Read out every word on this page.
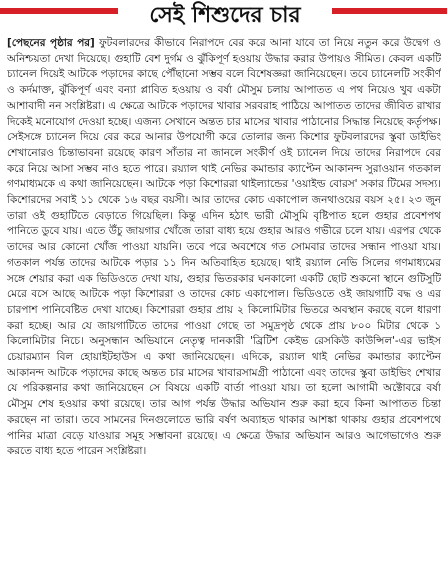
সেই শিশুদের চার

[পেছনের পৃষ্ঠার পর] ফুটবলারদের কীভাবে নিরাপদে বের করে আনা যাবে তা নিয়ে নতুন করে উদ্বেগ ও অনিশ্চয়তা দেখা দিয়েছে। গুহাটি বেশ দুর্গম ও ঝুঁকিপূর্ণ হওয়ায় উদ্ধার করার উপায়ও সীমিত। কেবল একটি চ্যানেল দিয়েই আটকে পড়াদের কাছে পৌঁছানো সম্ভব বলে বিশেষজ্ঞরা জানিয়েছেন। তবে চ্যানেলটি সংকীর্ণ ও কর্দমাক্ত, ঝুঁকিপূর্ণ এবং বন্যা প্লাবিত হওয়ায় ও বর্ষা মৌসুম চলায় আপাতত এ পথ নিয়েও খুব একটা আশাবাদী নন সংশ্লিষ্টরা। এ ক্ষেত্রে আটকে পড়াদের খাবার সরবরাহ পাঠিয়ে আপাতত তাদের জীবিত রাখার দিকেই মনোযোগ দেওয়া হচ্ছে। এজন্য সেখানে অন্তত চার মাসের খাবার পাঠানোর সিদ্ধান্ত নিয়েছে কর্তৃপক্ষ। সেইসঙ্গে চ্যানেল দিয়ে বের করে আনার উপযোগী করে তোলার জন্য কিশোর ফুটবলারদের স্কুবা ডাইভিং শেখানোরও চিন্তাভাবনা রয়েছে কারণ সাঁতার না জানলে সংকীর্ণ ওই চ্যানেল দিয়ে তাদের নিরাপদে বের করে নিয়ে আসা সম্ভব নাও হতে পারে। রয়্যাল থাই নেভির কমান্ডার ক্যাপ্টেন আকানন্দ সুরাওয়ান গতকাল গণমাধ্যমকে এ কথা জানিয়েছেন। আটকে পড়া কিশোররা থাইল্যান্ডের 'ওয়াইল্ড বোরস' সকার টিমের সদস্য। কিশোরদের সবাই ১১ থেকে ১৬ বছর বয়সী। আর তাদের কোচ একাপোল জনথাওয়ের বয়স ২৫। ২৩ জুন তারা ওই গুহাটিতে বেড়াতে গিয়েছিল। কিন্তু এদিন হঠাৎ ভারী মৌসুমি বৃষ্টিপাত হলে গুহার প্রবেশপথ পানিতে ডুবে যায়। এতে উঁচু জায়গার খোঁজে তারা বাধ্য হয়ে গুহার আরও গভীরে চলে যায়। এরপর থেকে তাদের আর কোনো খোঁজ পাওয়া যায়নি। তবে পরে অবশেষে গত সোমবার তাদের সন্ধান পাওয়া যায়। গতকাল পর্যন্ত তাদের আটকে পড়ার ১১ দিন অতিবাহিত হয়েছে। থাই রয়্যাল নেভি সিলের গণমাধ্যমের সঙ্গে শেয়ার করা এক ভিডিওতে দেখা যায়, গুহার ভিতরকার ঘনকালো একটি ছোট শুকনো স্থানে গুটিসুটি মেরে বসে আছে আটকে পড়া কিশোররা ও তাদের কোচ একাপোল। ভিডিওতে ওই জায়গাটি বদ্ধ ও এর চারপাশ পানিবেষ্টিত দেখা যাচ্ছে। কিশোররা গুহার প্রায় ২ কিলোমিটার ভিতরে অবস্থান করছে বলে ধারণা করা হচ্ছে। আর যে জায়গাটিতে তাদের পাওয়া গেছে তা সমুদ্রপৃষ্ঠ থেকে প্রায় ৮০০ মিটার থেকে ১ কিলোমিটার নিচে। অনুসন্ধান অভিযানে নেতৃত্ব দানকারী 'ব্রিটিশ কেইভ রেসকিউ কাউন্সিল'-এর ভাইস চেয়ারম্যান বিল হোয়াইটহাউস এ কথা জানিয়েছেন। এদিকে, রয়্যাল থাই নেভির কমান্ডার ক্যাপ্টেন আকানন্দ আটকে পড়াদের কাছে অন্তত চার মাসের খাবারসামগ্রী পাঠানো এবং তাদের স্কুবা ডাইভিং শেখার যে পরিকল্পনার কথা জানিয়েছেন সে বিষয়ে একটি বার্তা পাওয়া যায়। তা হলো আগামী অক্টোবরে বর্ষা মৌসুম শেষ হওয়ার কথা রয়েছে। তার আগ পর্যন্ত উদ্ধার অভিযান শুরু করা হবে কিনা আপাতত চিন্তা করছেন না তারা। তবে সামনের দিনগুলোতে ভারি বর্ষণ অব্যাহত থাকার আশঙ্কা থাকায় গুহার প্রবেশপথে পানির মাত্রা বেড়ে যাওয়ার সমূহ সম্ভাবনা রয়েছে। এ ক্ষেত্রে উদ্ধার অভিযান আরও আগেভাগেও শুরু করতে বাধ্য হতে পারেন সংশ্লিষ্টরা।
